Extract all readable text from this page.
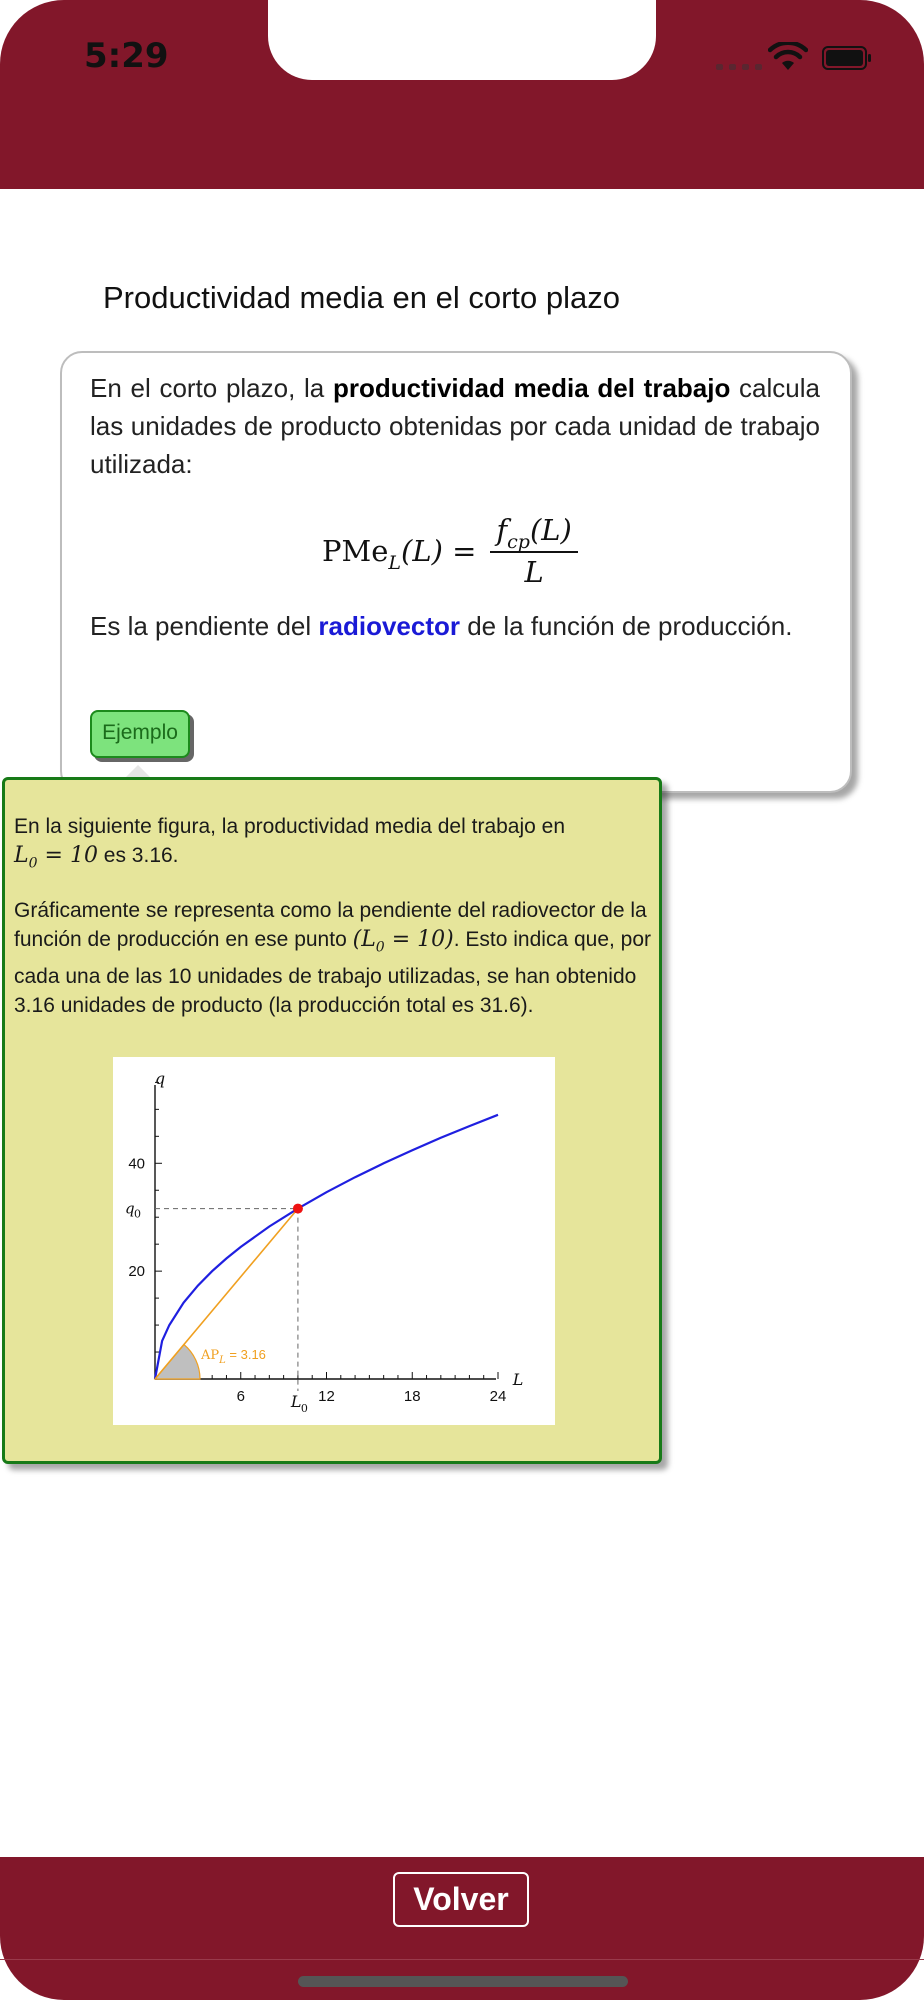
5:29
Productividad media en el corto plazo
En el corto plazo, la productividad media del trabajo calcula las unidades de producto obtenidas por cada unidad de trabajo utilizada:
$PMe_L(L) = \frac{f_{cp}(L)}{L}$
Es la pendiente del radiovector de la función de producción.
Ejemplo
En la siguiente figura, la productividad media del trabajo en
$L_0 = 10$ es 3.16.
Gráficamente se representa como la pendiente del radiovector de la función de producción en ese punto $(L_0 = 10)$. Esto indica que, por cada una de las 10 unidades de trabajo utilizadas, se han obtenido 3.16 unidades de producto (la producción total es 31.6).
6	12	18	24
20
40
L
q
L 0
q 0
$AP_L = 3.16$
Volver
